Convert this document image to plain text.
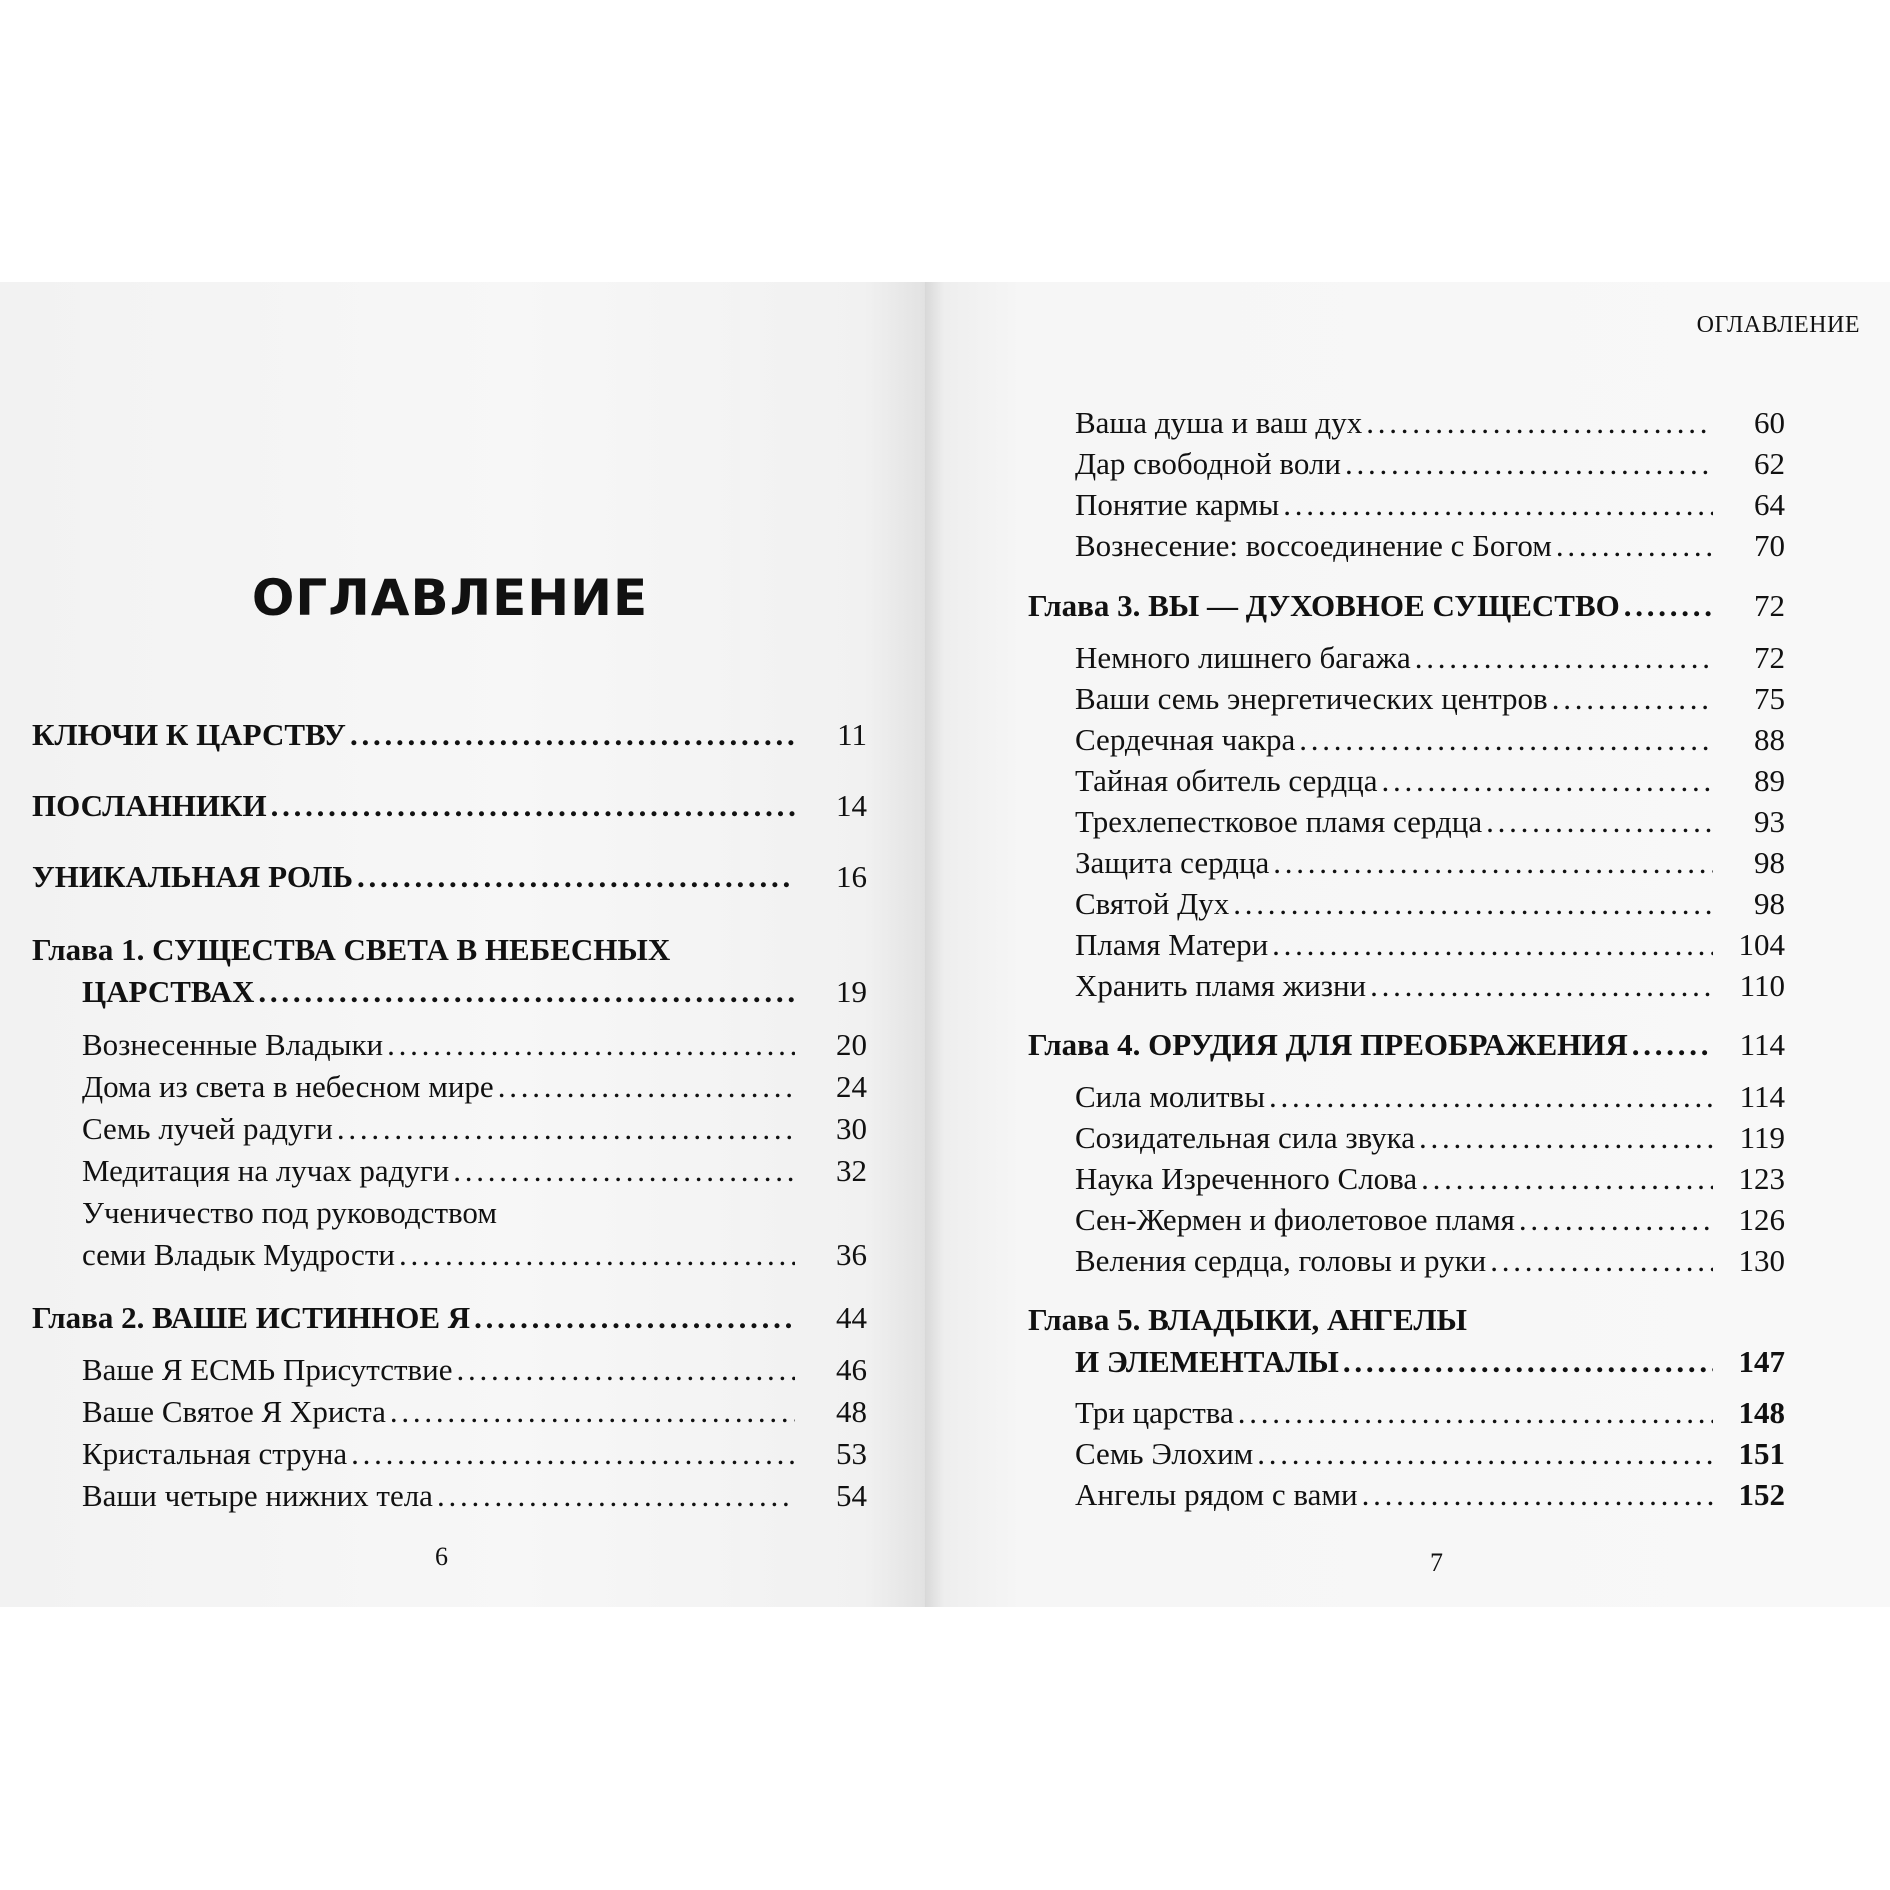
ОГЛАВЛЕНИЕ
КЛЮЧИ К ЦАРСТВУ . . .	11
ПОСЛАННИКИ . . .	14
УНИКАЛЬНАЯ РОЛЬ . . .	16
Глава 1. СУЩЕСТВА СВЕТА В НЕБЕСНЫХ
ЦАРСТВАХ . . .	19
Вознесенные Владыки . . .	20
Дома из света в небесном мире . . .	24
Семь лучей радуги . . .	30
Медитация на лучах радуги . . .	32
Ученичество под руководством
семи Владык Мудрости . . .	36
Глава 2. ВАШЕ ИСТИННОЕ Я . . .	44
Ваше Я ЕСМЬ Присутствие . . .	46
Ваше Святое Я Христа . . .	48
Кристальная струна . . .	53
Ваши четыре нижних тела . . .	54
6
ОГЛАВЛЕНИЕ
Ваша душа и ваш дух . . .	60
Дар свободной воли . . .	62
Понятие кармы . . .	64
Вознесение: воссоединение с Богом . . .	70
Глава 3. ВЫ — ДУХОВНОЕ СУЩЕСТВО . . .	72
Немного лишнего багажа . . .	72
Ваши семь энергетических центров . . .	75
Сердечная чакра . . .	88
Тайная обитель сердца . . .	89
Трехлепестковое пламя сердца . . .	93
Защита сердца . . .	98
Святой Дух . . .	98
Пламя Матери . . .	104
Хранить пламя жизни . . .	110
Глава 4. ОРУДИЯ ДЛЯ ПРЕОБРАЖЕНИЯ . . .	114
Сила молитвы . . .	114
Созидательная сила звука . . .	119
Наука Изреченного Слова . . .	123
Сен-Жермен и фиолетовое пламя . . .	126
Веления сердца, головы и руки . . .	130
Глава 5. ВЛАДЫКИ, АНГЕЛЫ
И ЭЛЕМЕНТАЛЫ . . .	147
Три царства . . .	148
Семь Элохим . . .	151
Ангелы рядом с вами . . .	152
7
